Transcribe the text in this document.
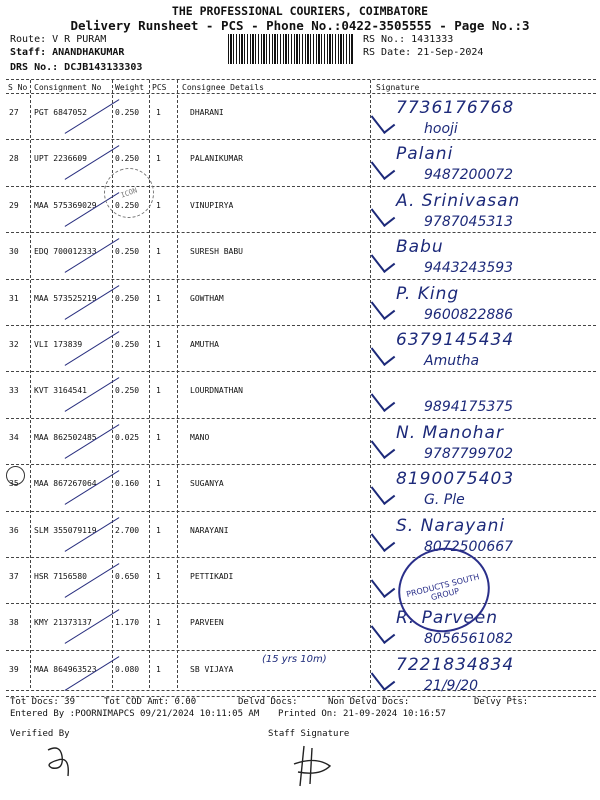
THE PROFESSIONAL COURIERS, COIMBATORE
Delivery Runsheet - PCS - Phone No.:0422-3505555 - Page No.:3
Route: V R PURAM
Staff: ANANDHAKUMAR
DRS No.: DCJB143133303
RS No.: 1431333
RS Date: 21-Sep-2024
S No Consignment No Weight PCS Consignee Details	Signature
27 PGT 6847052	0.250 1	DHARANI	7736176768
hooji
28 UPT 2236609	0.250 1	PALANIKUMAR	Palani
9487200072
29 MAA 575369029 0.250 1	VINUPIRYA	A. Srinivasan
9787045313
30 EDQ 700012333 0.250 1	SURESH BABU	Babu
9443243593
31 MAA 573525219 0.250 1	GOWTHAM	P. King
9600822886
32 VLI 173839	0.250 1	AMUTHA	6379145434
Amutha
33 KVT 3164541	0.250 1	LOURDNATHAN
9894175375
34 MAA 862502485 0.025 1	MANO	N. Manohar
9787799702
35 MAA 867267064 0.160 1	SUGANYA	8190075403
G. Ple
36 SLM 355079119 2.700 1	NARAYANI	S. Narayani
8072500667
37 HSR 7156580	0.650 1	PETTIKADI
38 KMY 21373137	1.170 1	PARVEEN	R. Parveen
8056561082
39 MAA 864963523 0.080 1	SB VIJAYA	7221834834
21/9/20
(15 yrs 10m)
ICON
PRODUCTS SOUTH GROUP
Tot Docs: 39	Tot COD Amt: 0.00	Delvd Docs:	Non Delvd Docs:	Delvy Pts:
Entered By :POORNIMAPCS 09/21/2024 10:11:05 AM Printed On: 21-09-2024 10:16:57
Verified By	Staff Signature
